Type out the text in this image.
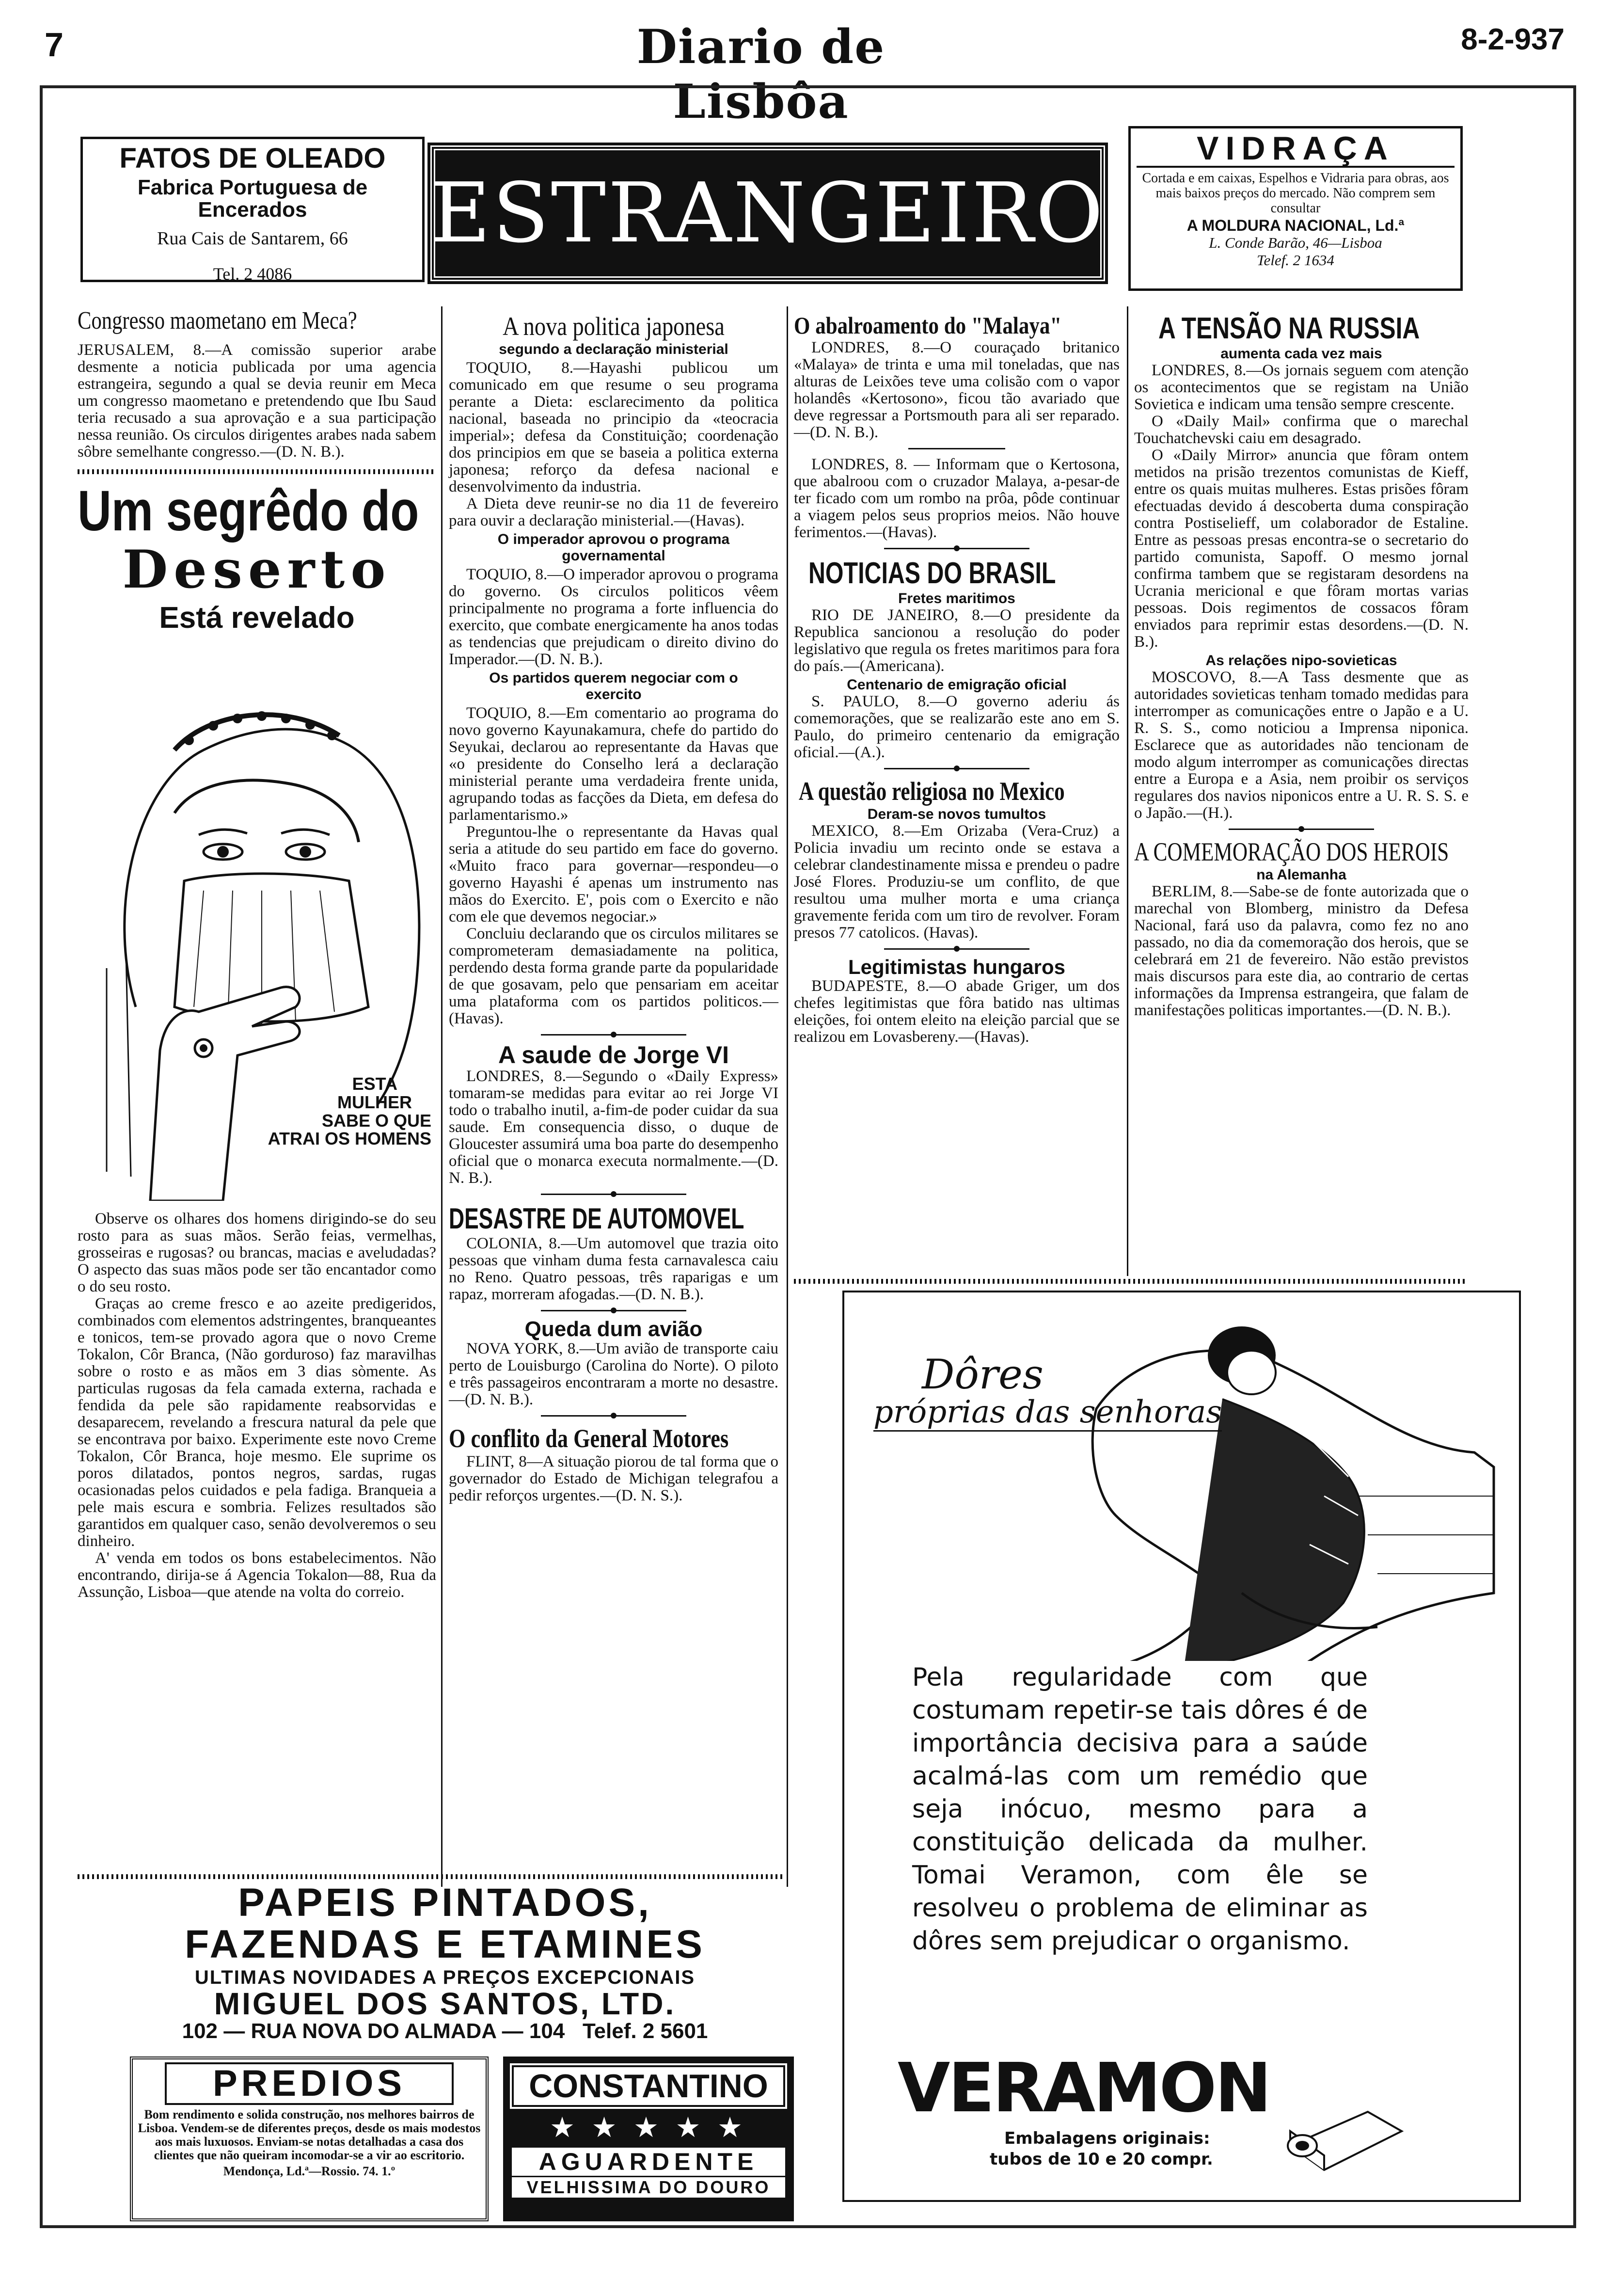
7	Diario de Lisbôa
8-2-937
FATOS DE OLEADO
Fabrica Portuguesa de Encerados
Rua Cais de Santarem, 66
Tel. 2 4086
ESTRANGEIRO
VIDRAÇA
Cortada e em caixas, Espelhos e Vidraria para obras, aos mais baixos preços do mercado. Não comprem sem consultar
A MOLDURA NACIONAL, Ld.ª
L. Conde Barão, 46—Lisboa
Telef. 2 1634
Congresso maometano em Meca?
JERUSALEM, 8.—A comissão superior arabe desmente a noticia publicada por uma agencia estrangeira, segundo a qual se devia reunir em Meca um congresso maometano e pretendendo que Ibu Saud teria recusado a sua aprovação e a sua participação nessa reunião. Os circulos dirigentes arabes nada sabem sôbre semelhante congresso.—(D. N. B.).
Um segrêdo do
Deserto
Está revelado
ESTA
MULHER
SABE O QUE
ATRAI OS HOMENS

Observe os olhares dos homens dirigindo-se do seu rosto para as suas mãos. Serão feias, vermelhas, grosseiras e rugosas? ou brancas, macias e aveludadas? O aspecto das suas mãos pode ser tão encantador como o do seu rosto.

Graças ao creme fresco e ao azeite predigeridos, combinados com elementos adstringentes, branqueantes e tonicos, tem-se provado agora que o novo Creme Tokalon, Côr Branca, (Não gorduroso) faz maravilhas sobre o rosto e as mãos em 3 dias sòmente. As particulas rugosas da fela camada externa, rachada e fendida da pele são rapidamente reabsorvidas e desaparecem, revelando a frescura natural da pele que se encontrava por baixo. Experimente este novo Creme Tokalon, Côr Branca, hoje mesmo. Ele suprime os poros dilatados, pontos negros, sardas, rugas ocasionadas pelos cuidados e pela fadiga. Branqueia a pele mais escura e sombria. Felizes resultados são garantidos em qualquer caso, senão devolveremos o seu dinheiro.

A' venda em todos os bons estabelecimentos. Não encontrando, dirija-se á Agencia Tokalon—88, Rua da Assunção, Lisboa—que atende na volta do correio.

A nova politica japonesa
segundo a declaração ministerial

TOQUIO, 8.—Hayashi publicou um comunicado em que resume o seu programa perante a Dieta: esclarecimento da politica nacional, baseada no principio da «teocracia imperial»; defesa da Constituição; coordenação dos principios em que se baseia a politica externa japonesa; reforço da defesa nacional e desenvolvimento da industria.

A Dieta deve reunir-se no dia 11 de fevereiro para ouvir a declaração ministerial.—(Havas).

O imperador aprovou o programa governamental

TOQUIO, 8.—O imperador aprovou o programa do governo. Os circulos politicos vêem principalmente no programa a forte influencia do exercito, que combate energicamente ha anos todas as tendencias que prejudicam o direito divino do Imperador.—(D. N. B.).

Os partidos querem negociar com o exercito

TOQUIO, 8.—Em comentario ao programa do novo governo Kayunakamura, chefe do partido do Seyukai, declarou ao representante da Havas que «o presidente do Conselho lerá a declaração ministerial perante uma verdadeira frente unida, agrupando todas as facções da Dieta, em defesa do parlamentarismo.»

Preguntou-lhe o representante da Havas qual seria a atitude do seu partido em face do governo. «Muito fraco para governar—respondeu—o governo Hayashi é apenas um instrumento nas mãos do Exercito. E', pois com o Exercito e não com ele que devemos negociar.»

Concluiu declarando que os circulos militares se comprometeram demasiadamente na politica, perdendo desta forma grande parte da popularidade de que gosavam, pelo que pensariam em aceitar uma plataforma com os partidos politicos.—(Havas).

A saude de Jorge VI

LONDRES, 8.—Segundo o «Daily Express» tomaram-se medidas para evitar ao rei Jorge VI todo o trabalho inutil, a-fim-de poder cuidar da sua saude. Em consequencia disso, o duque de Gloucester assumirá uma boa parte do desempenho oficial que o monarca executa normalmente.—(D. N. B.).

DESASTRE DE AUTOMOVEL

COLONIA, 8.—Um automovel que trazia oito pessoas que vinham duma festa carnavalesca caiu no Reno. Quatro pessoas, três raparigas e um rapaz, morreram afogadas.—(D. N. B.).

Queda dum avião

NOVA YORK, 8.—Um avião de transporte caiu perto de Louisburgo (Carolina do Norte). O piloto e três passageiros encontraram a morte no desastre.—(D. N. B.).

O conflito da General Motores

FLINT, 8—A situação piorou de tal forma que o governador do Estado de Michigan telegrafou a pedir reforços urgentes.—(D. N. S.).

O abalroamento do "Malaya"

LONDRES, 8.—O couraçado britanico «Malaya» de trinta e uma mil toneladas, que nas alturas de Leixões teve uma colisão com o vapor holandês «Kertosono», ficou tão avariado que deve regressar a Portsmouth para ali ser reparado.—(D. N. B.).

LONDRES, 8. — Informam que o Kertosona, que abalroou com o cruzador Malaya, a-pesar-de ter ficado com um rombo na prôa, pôde continuar a viagem pelos seus proprios meios. Não houve ferimentos.—(Havas).

NOTICIAS DO BRASIL
Fretes maritimos

RIO DE JANEIRO, 8.—O presidente da Republica sancionou a resolução do poder legislativo que regula os fretes maritimos para fora do país.—(Americana).

Centenario de emigração oficial

S. PAULO, 8.—O governo aderiu ás comemorações, que se realizarão este ano em S. Paulo, do primeiro centenario da emigração oficial.—(A.).

A questão religiosa no Mexico
Deram-se novos tumultos

MEXICO, 8.—Em Orizaba (Vera-Cruz) a Policia invadiu um recinto onde se estava a celebrar clandestinamente missa e prendeu o padre José Flores. Produziu-se um conflito, de que resultou uma mulher morta e uma criança gravemente ferida com um tiro de revolver. Foram presos 77 catolicos. (Havas).

Legitimistas hungaros

BUDAPESTE, 8.—O abade Griger, um dos chefes legitimistas que fôra batido nas ultimas eleições, foi ontem eleito na eleição parcial que se realizou em Lovasbereny.—(Havas).

A TENSÃO NA RUSSIA
aumenta cada vez mais

LONDRES, 8.—Os jornais seguem com atenção os acontecimentos que se registam na União Sovietica e indicam uma tensão sempre crescente.

O «Daily Mail» confirma que o marechal Touchatchevski caiu em desagrado.

O «Daily Mirror» anuncia que fôram ontem metidos na prisão trezentos comunistas de Kieff, entre os quais muitas mulheres. Estas prisões fôram efectuadas devido á descoberta duma conspiração contra Postiselieff, um colaborador de Estaline. Entre as pessoas presas encontra-se o secretario do partido comunista, Sapoff. O mesmo jornal confirma tambem que se registaram desordens na Ucrania mericional e que fôram mortas varias pessoas. Dois regimentos de cossacos fôram enviados para reprimir estas desordens.—(D. N. B.).

As relações nipo-sovieticas

MOSCOVO, 8.—A Tass desmente que as autoridades sovieticas tenham tomado medidas para interromper as comunicações entre o Japão e a U. R. S. S., como noticiou a Imprensa niponica. Esclarece que as autoridades não tencionam de modo algum interromper as comunicações directas entre a Europa e a Asia, nem proibir os serviços regulares dos navios niponicos entre a U. R. S. S. e o Japão.—(H.).

A COMEMORAÇÃO DOS HEROIS
na Alemanha

BERLIM, 8.—Sabe-se de fonte autorizada que o marechal von Blomberg, ministro da Defesa Nacional, fará uso da palavra, como fez no ano passado, no dia da comemoração dos herois, que se celebrará em 21 de fevereiro. Não estão previstos mais discursos para este dia, ao contrario de certas informações da Imprensa estrangeira, que falam de manifestações politicas importantes.—(D. N. B.).

Dôres
próprias das senhoras
Pela regularidade com que costumam repetir-se tais dôres é de importância decisiva para a saúde acalmá-las com um remédio que seja inócuo, mesmo para a constituição delicada da mulher. Tomai Veramon, com êle se resolveu o problema de eliminar as dôres sem prejudicar o organismo.
VERAMON
Embalagens originais:
tubos de 10 e 20 compr.
PAPEIS PINTADOS,
FAZENDAS E ETAMINES
ULTIMAS NOVIDADES A PREÇOS EXCEPCIONAIS
MIGUEL DOS SANTOS, LTD.
102 — RUA NOVA DO ALMADA — 104   Telef. 2 5601
PREDIOS
Bom rendimento e solida construção, nos melhores bairros de Lisboa. Vendem-se de diferentes preços, desde os mais modestos aos mais luxuosos. Enviam-se notas detalhadas a casa dos clientes que não queiram incomodar-se a vir ao escritorio.
Mendonça, Ld.ª—Rossio. 74. 1.º
CONSTANTINO
★ ★ ★ ★ ★
AGUARDENTE
VELHISSIMA DO DOURO
